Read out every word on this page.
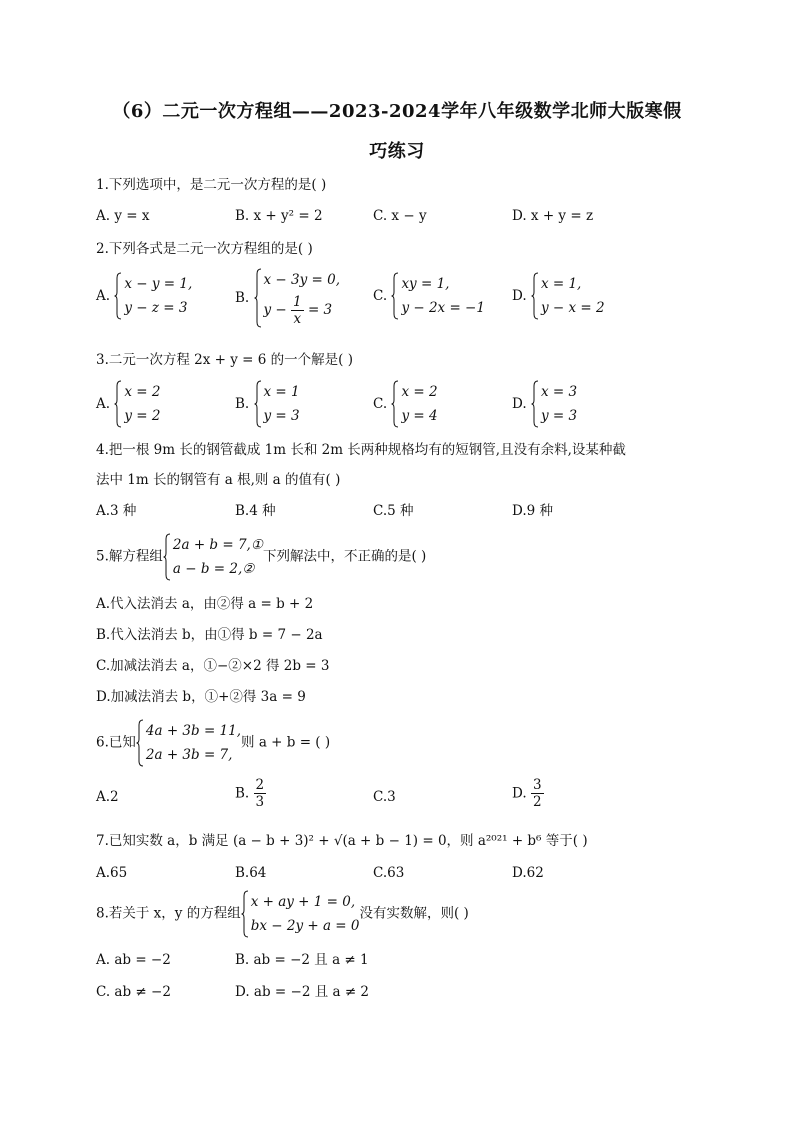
（6）二元一次方程组——2023-2024学年八年级数学北师大版寒假
巧练习
1.下列选项中，是二元一次方程的是( )
A. y = x	B. x + y² = 2	C. x − y	D. x + y = z
2.下列各式是二元一次方程组的是( )
A.
x − y = 1,
y − z = 3
B.
x − 3y = 0,
$y - \frac{1}{x} = 3$
C.
xy = 1,
y − 2x = −1
D.
x = 1,
y − x = 2
3.二元一次方程 2x + y = 6 的一个解是( )
A.
x = 2
y = 2
B.
x = 1
y = 3
C.
x = 2
y = 4
D.
x = 3
y = 3
4.把一根 9m 长的钢管截成 1m 长和 2m 长两种规格均有的短钢管,且没有余料,设某种截
法中 1m 长的钢管有 a 根,则 a 的值有( )
A.3 种	B.4 种	C.5 种	D.9 种
5.解方程组
2a + b = 7,①
a − b = 2,②
下列解法中，不正确的是( )
A.代入法消去 a，由②得 a = b + 2
B.代入法消去 b，由①得 b = 7 − 2a
C.加减法消去 a，①−②×2 得 2b = 3
D.加减法消去 b，①+②得 3a = 9
6.已知
4a + 3b = 11,
2a + 3b = 7,
则 a + b = ( )
A.2	B. $\frac{2}{3}$	C.3	D. $\frac{3}{2}$
7.已知实数 a，b 满足 (a − b + 3)² + √(a + b − 1) = 0，则 a²⁰²¹ + b⁶ 等于( )
A.65	B.64	C.63	D.62
8.若关于 x，y 的方程组
x + ay + 1 = 0,
bx − 2y + a = 0
没有实数解，则( )
A. ab = −2	B. ab = −2 且 a ≠ 1
C. ab ≠ −2	D. ab = −2 且 a ≠ 2
